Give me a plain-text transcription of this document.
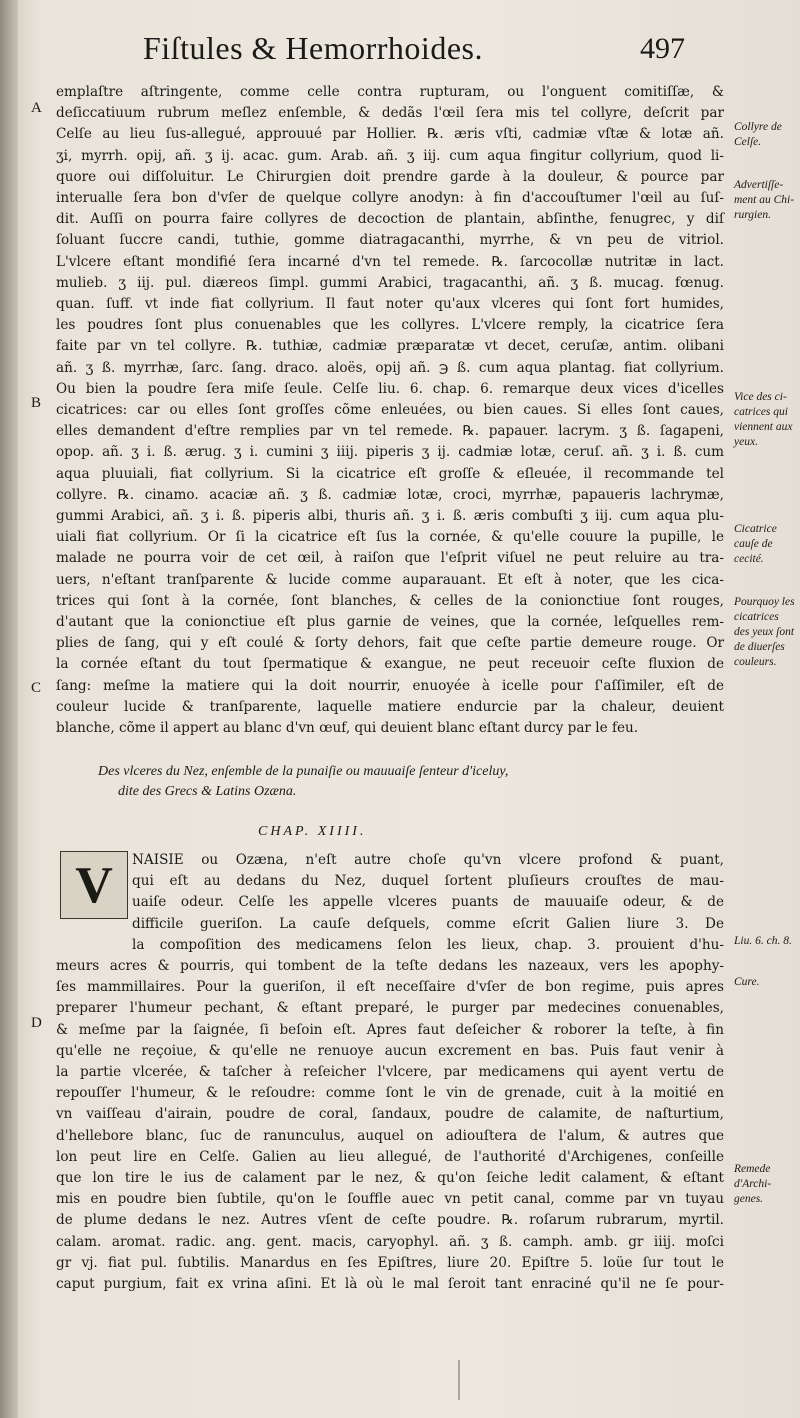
Fiſtules & Hemorrhoides.	497
A
B
C
D
Collyre de Celſe.
Advertiſſe-ment au Chi-rurgien.
Vice des ci-catrices qui viennent aux yeux.
Cicatrice cauſe de cecité.
Pourquoy les cicatrices des yeux ſont de diuerſes couleurs.
Liu. 6. ch. 8.
Cure.
Remede d'Archi-genes.

emplaſtre aſtringente, comme celle contra rupturam, ou l'onguent comitiſſæ, &

deſiccatiuum rubrum meſlez enſemble, & dedãs l'œil ſera mis tel collyre, deſcrit par

Celſe au lieu ſus-allegué, approuué par Hollier. ℞. æris vſti, cadmiæ vſtæ & lotæ añ.

ʒi, myrrh. opij, añ. ʒ ij. acac. gum. Arab. añ. ʒ iij. cum aqua fingitur collyrium, quod li-

quore oui diſſoluitur. Le Chirurgien doit prendre garde à la douleur, & pource par

interualle ſera bon d'vſer de quelque collyre anodyn: à fin d'accouſtumer l'œil au ſuſ-

dit. Auſſi on pourra faire collyres de decoction de plantain, abſinthe, fenugrec, y diſ

ſoluant ſuccre candi, tuthie, gomme diatragacanthi, myrrhe, & vn peu de vitriol.

L'vlcere eſtant mondifié ſera incarné d'vn tel remede. ℞. ſarcocollæ nutritæ in lact.

mulieb. ʒ iij. pul. diæreos ſimpl. gummi Arabici, tragacanthi, añ. ʒ ß. mucag. fœnug.

quan. ſuff. vt inde fiat collyrium. Il faut noter qu'aux vlceres qui ſont fort humides,

les poudres ſont plus conuenables que les collyres. L'vlcere remply, la cicatrice ſera

faite par vn tel collyre. ℞. tuthiæ, cadmiæ præparatæ vt decet, ceruſæ, antim. olibani

añ. ʒ ß. myrrhæ, ſarc. ſang. draco. aloës, opij añ. ℈ ß. cum aqua plantag. fiat collyrium.

Ou bien la poudre ſera miſe ſeule. Celſe liu. 6. chap. 6. remarque deux vices d'icelles

cicatrices: car ou elles ſont groſſes cõme enleuées, ou bien caues. Si elles ſont caues,

elles demandent d'eſtre remplies par vn tel remede. ℞. papauer. lacrym. ʒ ß. ſagapeni,

opop. añ. ʒ i. ß. ærug. ʒ i. cumini ʒ iiij. piperis ʒ ij. cadmiæ lotæ, ceruſ. añ. ʒ i. ß. cum

aqua pluuiali, fiat collyrium. Si la cicatrice eſt groſſe & eſleuée, il recommande tel

collyre. ℞. cinamo. acaciæ añ. ʒ ß. cadmiæ lotæ, croci, myrrhæ, papaueris lachrymæ,

gummi Arabici, añ. ʒ i. ß. piperis albi, thuris añ. ʒ i. ß. æris combuſti ʒ iij. cum aqua plu-

uiali fiat collyrium. Or ſi la cicatrice eſt ſus la cornée, & qu'elle couure la pupille, le

malade ne pourra voir de cet œil, à raiſon que l'eſprit viſuel ne peut reluire au tra-

uers, n'eſtant tranſparente & lucide comme auparauant. Et eſt à noter, que les cica-

trices qui ſont à la cornée, ſont blanches, & celles de la conionctiue ſont rouges,

d'autant que la conionctiue eſt plus garnie de veines, que la cornée, leſquelles rem-

plies de ſang, qui y eſt coulé & ſorty dehors, fait que ceſte partie demeure rouge. Or

la cornée eſtant du tout ſpermatique & exangue, ne peut receuoir ceſte fluxion de

ſang: meſme la matiere qui la doit nourrir, enuoyée à icelle pour ſ'aſſimiler, eſt de

couleur lucide & tranſparente, laquelle matiere endurcie par la chaleur, deuient

blanche, cõme il appert au blanc d'vn œuf, qui deuient blanc eſtant durcy par le feu.

Des vlceres du Nez, enſemble de la punaiſie ou mauuaiſe ſenteur d'iceluy,
dite des Grecs & Latins Ozæna.
CHAP. XIIII.
V	NAISIE ou Ozæna, n'eſt autre choſe qu'vn vlcere profond & puant,

qui eſt au dedans du Nez, duquel ſortent pluſieurs crouſtes de mau-

uaiſe odeur. Celſe les appelle vlceres puants de mauuaiſe odeur, & de

difficile gueriſon. La cauſe deſquels, comme eſcrit Galien liure 3. De

la compoſition des medicamens ſelon les lieux, chap. 3. prouient d'hu-

meurs acres & pourris, qui tombent de la teſte dedans les nazeaux, vers les apophy-

ſes mammillaires. Pour la gueriſon, il eſt neceſſaire d'vſer de bon regime, puis apres

preparer l'humeur pechant, & eſtant preparé, le purger par medecines conuenables,

& meſme par la ſaignée, ſi beſoin eſt. Apres faut deſeicher & roborer la teſte, à fin

qu'elle ne reçoiue, & qu'elle ne renuoye aucun excrement en bas. Puis faut venir à

la partie vlcerée, & taſcher à reſeicher l'vlcere, par medicamens qui ayent vertu de

repouſſer l'humeur, & le reſoudre: comme ſont le vin de grenade, cuit à la moitié en

vn vaiſſeau d'airain, poudre de coral, ſandaux, poudre de calamite, de naſturtium,

d'hellebore blanc, ſuc de ranunculus, auquel on adiouſtera de l'alum, & autres que

lon peut lire en Celſe. Galien au lieu allegué, de l'authorité d'Archigenes, conſeille

que lon tire le ius de calament par le nez, & qu'on ſeiche ledit calament, & eſtant

mis en poudre bien ſubtile, qu'on le ſouffle auec vn petit canal, comme par vn tuyau

de plume dedans le nez. Autres vſent de ceſte poudre. ℞. roſarum rubrarum, myrtil.

calam. aromat. radic. ang. gent. macis, caryophyl. añ. ʒ ß. camph. amb. gr iiij. moſci

gr vj. fiat pul. ſubtilis. Manardus en ſes Epiſtres, liure 20. Epiſtre 5. loüe ſur tout le

caput purgium, fait ex vrina aſini. Et là où le mal ſeroit tant enraciné qu'il ne ſe pour-
